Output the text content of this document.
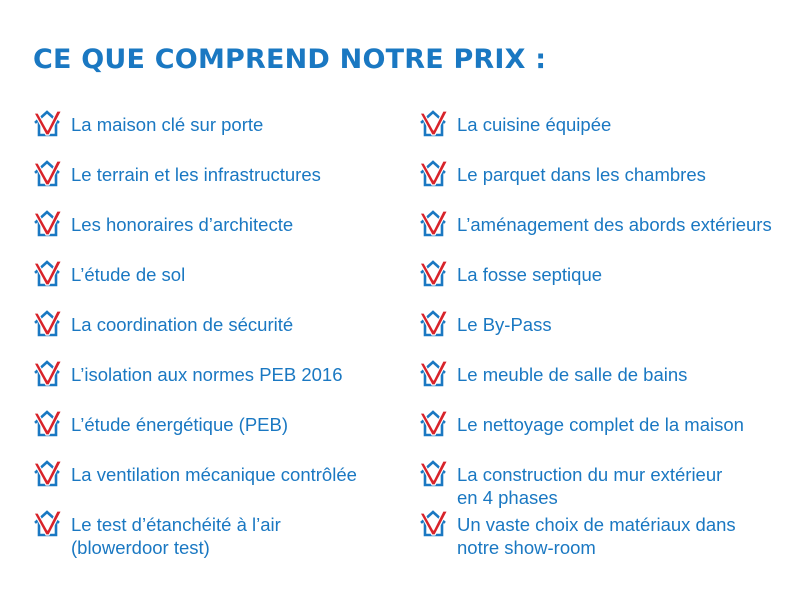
CE QUE COMPREND NOTRE PRIX :
La maison clé sur porte
Le terrain et les infrastructures
Les honoraires d’architecte
L’étude de sol
La coordination de sécurité
L’isolation aux normes PEB 2016
L’étude énergétique (PEB)
La ventilation mécanique contrôlée
Le test d’étanchéité à l’air
(blowerdoor test)
La cuisine équipée
Le parquet dans les chambres
L’aménagement des abords extérieurs
La fosse septique
Le By-Pass
Le meuble de salle de bains
Le nettoyage complet de la maison
La construction du mur extérieur
en 4 phases
Un vaste choix de matériaux dans
notre show-room
